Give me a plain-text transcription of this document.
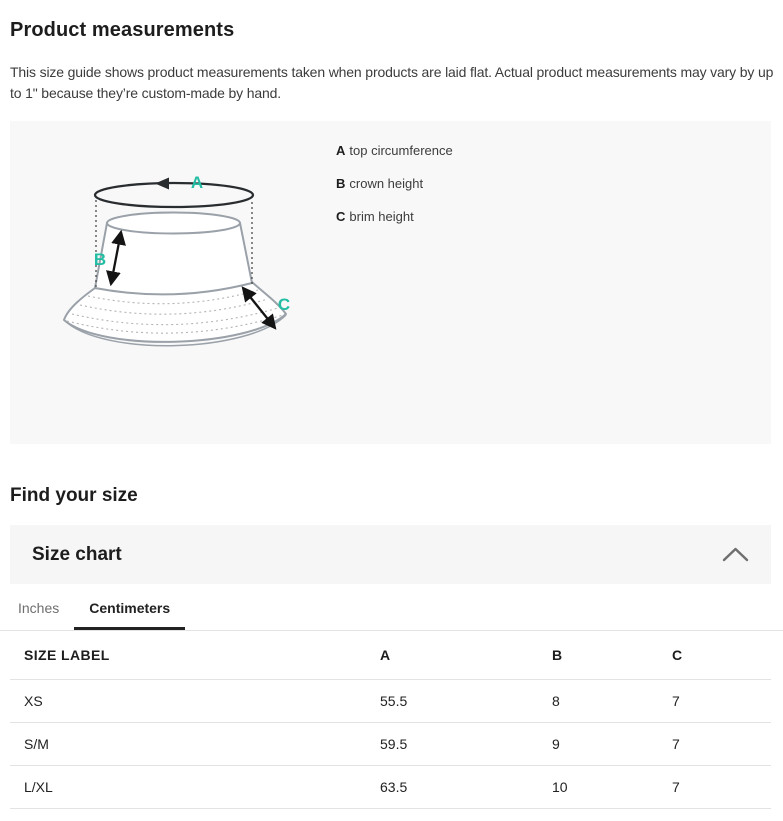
Product measurements

This size guide shows product measurements taken when products are laid flat. Actual product measurements may vary by up to 1" because they’re custom-made by hand.

A
B
C
A top circumference
B crown height
C brim height
Find your size
Size chart
Inches Centimeters
SIZE LABEL	A	B	C
XS	55.5	8	7
S/M	59.5	9	7
L/XL	63.5	10	7
